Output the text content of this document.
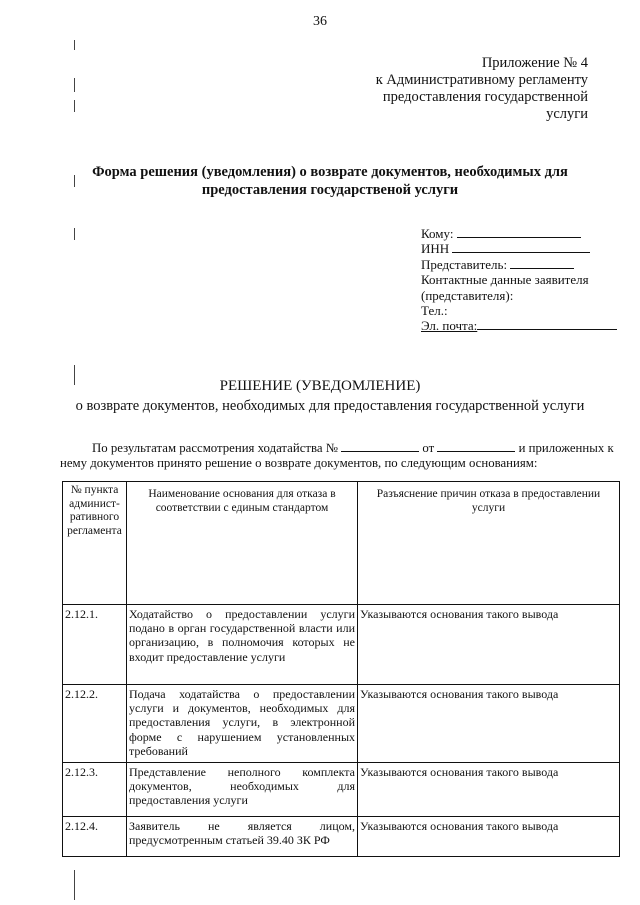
36
Приложение № 4
к Административному регламенту
предоставления государственной
услуги
Форма решения (уведомления) о возврате документов, необходимых для
предоставления государственой услуги
Кому:
ИНН
Представитель:
Контактные данные заявителя
(представителя):
Тел.:
Эл. почта:
РЕШЕНИЕ (УВЕДОМЛЕНИЕ)
о возврате документов, необходимых для предоставления государственной услуги
По результатам рассмотрения ходатайства №	от	и приложенных к нему документов принято решение о возврате документов, по следующим основаниям:
№ пункта админист-ративного регламента	Наименование основания для отказа в соответствии с единым стандартом	Разъяснение причин отказа в предоставлении услуги
2.12.1.	Ходатайство о предоставлении услуги подано в орган государственной власти или организацию, в полномочия которых не входит предоставление услуги	Указываются основания такого вывода
2.12.2.	Подача ходатайства о предоставлении услуги и документов, необходимых для предоставления услуги, в электронной форме с нарушением установленных требований	Указываются основания такого вывода
2.12.3.	Представление неполного комплекта документов, необходимых для предоставления услуги	Указываются основания такого вывода
2.12.4.	Заявитель не является лицом, предусмотренным статьей 39.40 ЗК РФ	Указываются основания такого вывода
